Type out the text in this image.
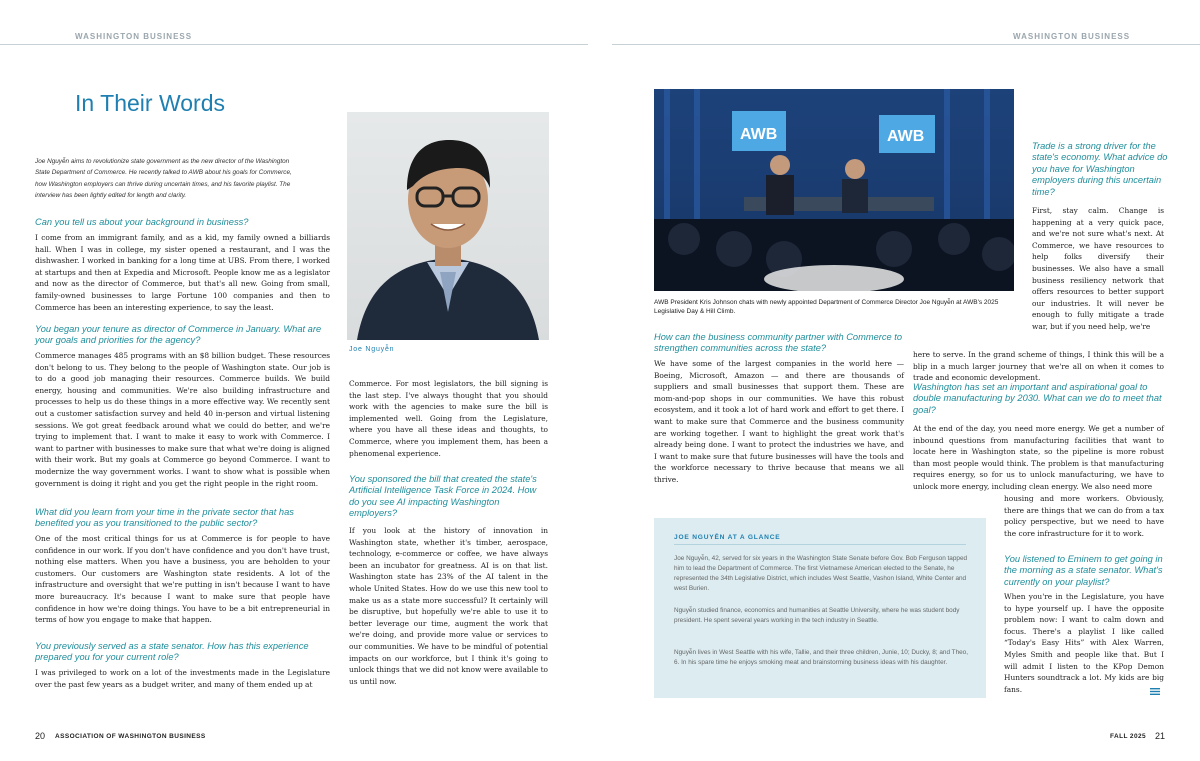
WASHINGTON BUSINESS	WASHINGTON BUSINESS
In Their Words
Joe Nguyễn aims to revolutionize state government as the new director of the Washington State Department of Commerce. He recently talked to AWB about his goals for Commerce, how Washington employers can thrive during uncertain times, and his favorite playlist. The interview has been lightly edited for length and clarity.
Can you tell us about your background in business?
I come from an immigrant family, and as a kid, my family owned a billiards hall. When I was in college, my sister opened a restaurant, and I was the dishwasher. I worked in banking for a long time at UBS. From there, I worked at startups and then at Expedia and Microsoft. People know me as a legislator and now as the director of Commerce, but that's all new. Going from small, family-owned businesses to large Fortune 100 companies and then to Commerce has been an interesting experience, to say the least.
You began your tenure as director of Commerce in January. What are your goals and priorities for the agency?
Commerce manages 485 programs with an $8 billion budget. These resources don't belong to us. They belong to the people of Washington state. Our job is to do a good job managing their resources. Commerce builds. We build energy, housing and communities. We're also building infrastructure and processes to help us do these things in a more effective way. We recently sent out a customer satisfaction survey and held 40 in-person and virtual listening sessions. We got great feedback around what we could do better, and we're trying to implement that. I want to make it easy to work with Commerce. I want to partner with businesses to make sure that what we're doing is aligned with their work. But my goals at Commerce go beyond Commerce. I want to modernize the way government works. I want to show what is possible when government is doing it right and you get the right people in the right room.
What did you learn from your time in the private sector that has benefited you as you transitioned to the public sector?
One of the most critical things for us at Commerce is for people to have confidence in our work. If you don't have confidence and you don't have trust, nothing else matters. When you have a business, you are beholden to your customers. Our customers are Washington state residents. A lot of the infrastructure and oversight that we're putting in isn't because I want to have more bureaucracy. It's because I want to make sure that people have confidence in how we're doing things. You have to be a bit entrepreneurial in terms of how you engage to make that happen.
You previously served as a state senator. How has this experience prepared you for your current role?
I was privileged to work on a lot of the investments made in the Legislature over the past few years as a budget writer, and many of them ended up at
Joe Nguyễn
Commerce. For most legislators, the bill signing is the last step. I've always thought that you should work with the agencies to make sure the bill is implemented well. Going from the Legislature, where you have all these ideas and thoughts, to Commerce, where you implement them, has been a phenomenal experience.
You sponsored the bill that created the state's Artificial Intelligence Task Force in 2024. How do you see AI impacting Washington employers?
If you look at the history of innovation in Washington state, whether it's timber, aerospace, technology, e-commerce or coffee, we have always been an incubator for greatness. AI is on that list. Washington state has 23% of the AI talent in the whole United States. How do we use this new tool to make us as a state more successful? It certainly will be disruptive, but hopefully we're able to use it to better leverage our time, augment the work that we're doing, and provide more value or services to our communities. We have to be mindful of potential impacts on our workforce, but I think it's going to unlock things that we did not know were available to us until now.
20 ASSOCIATION OF WASHINGTON BUSINESS
AWB	AWB
AWB President Kris Johnson chats with newly appointed Department of Commerce Director Joe Nguyễn at AWB's 2025 Legislative Day & Hill Climb.
How can the business community partner with Commerce to strengthen communities across the state?
We have some of the largest companies in the world here — Boeing, Microsoft, Amazon — and there are thousands of suppliers and small businesses that support them. These are mom-and-pop shops in our communities. We have this robust ecosystem, and it took a lot of hard work and effort to get there. I want to make sure that Commerce and the business community are working together. I want to highlight the great work that's already being done. I want to protect the industries we have, and I want to make sure that future businesses will have the tools and the workforce necessary to thrive because that means we all thrive.
Trade is a strong driver for the state's economy. What advice do you have for Washington employers during this uncertain time?
First, stay calm. Change is happening at a very quick pace, and we're not sure what's next. At Commerce, we have resources to help folks diversify their businesses. We also have a small business resiliency network that offers resources to better support our industries. It will never be enough to fully mitigate a trade war, but if you need help, we're
here to serve. In the grand scheme of things, I think this will be a blip in a much larger journey that we're all on when it comes to trade and economic development.
Washington has set an important and aspirational goal to double manufacturing by 2030. What can we do to meet that goal?
At the end of the day, you need more energy. We get a number of inbound questions from manufacturing facilities that want to locate here in Washington state, so the pipeline is more robust than most people would think. The problem is that manufacturing requires energy, so for us to unlock manufacturing, we have to unlock more energy, including clean energy. We also need more
housing and more workers. Obviously, there are things that we can do from a tax policy perspective, but we need to have the core infrastructure for it to work.
You listened to Eminem to get going in the morning as a state senator. What's currently on your playlist?
When you're in the Legislature, you have to hype yourself up. I have the opposite problem now: I want to calm down and focus. There's a playlist I like called “Today's Easy Hits” with Alex Warren, Myles Smith and people like that. But I will admit I listen to the KPop Demon Hunters soundtrack a lot. My kids are big fans.
JOE NGUYỄN AT A GLANCE
Joe Nguyễn, 42, served for six years in the Washington State Senate before Gov. Bob Ferguson tapped him to lead the Department of Commerce. The first Vietnamese American elected to the Senate, he represented the 34th Legislative District, which includes West Seattle, Vashon Island, White Center and west Burien.
Nguyễn studied finance, economics and humanities at Seattle University, where he was student body president. He spent several years working in the tech industry in Seattle.
Nguyễn lives in West Seattle with his wife, Tallie, and their three children, Junie, 10; Ducky, 8; and Theo, 6. In his spare time he enjoys smoking meat and brainstorming business ideas with his daughter.
FALL 2025 21
